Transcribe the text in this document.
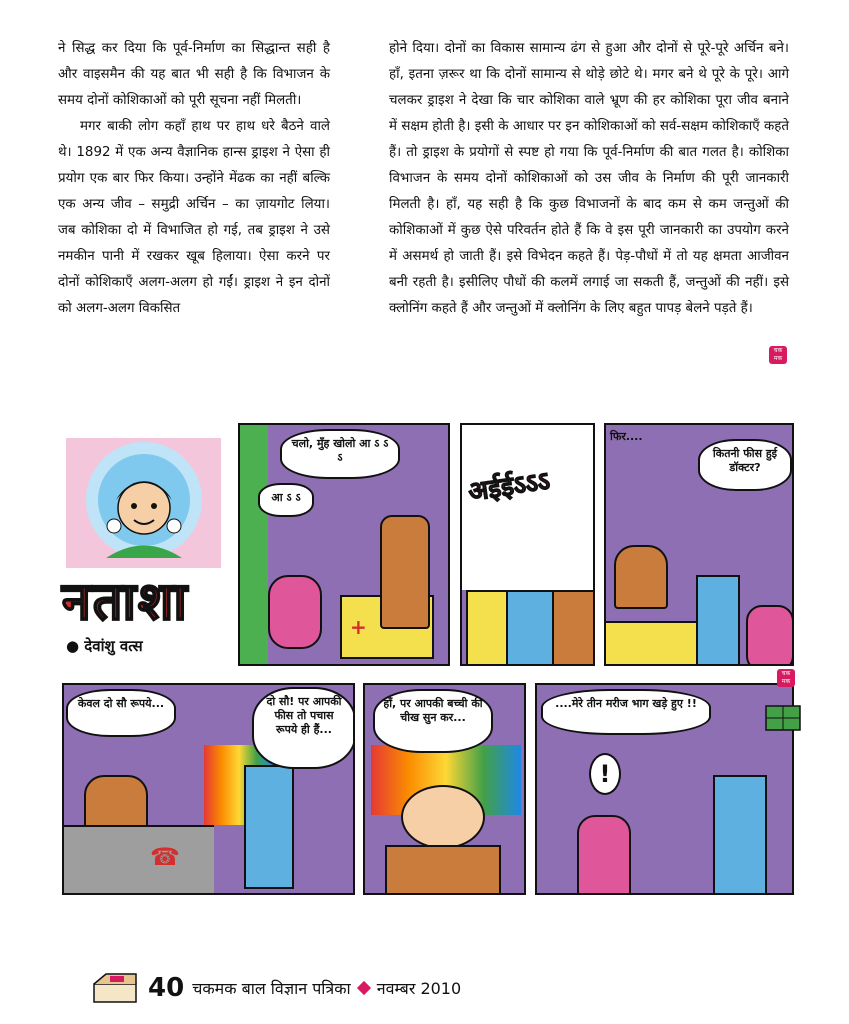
ने सिद्ध कर दिया कि पूर्व-निर्माण का सिद्धान्त सही है और वाइसमैन की यह बात भी सही है कि विभाजन के समय दोनों कोशिकाओं को पूरी सूचना नहीं मिलती।

मगर बाकी लोग कहाँ हाथ पर हाथ धरे बैठने वाले थे। 1892 में एक अन्य वैज्ञानिक हान्स ड्राइश ने ऐसा ही प्रयोग एक बार फिर किया। उन्होंने मेंढक का नहीं बल्कि एक अन्य जीव – समुद्री अर्चिन – का ज़ायगोट लिया। जब कोशिका दो में विभाजित हो गई, तब ड्राइश ने उसे नमकीन पानी में रखकर खूब हिलाया। ऐसा करने पर दोनों कोशिकाएँ अलग-अलग हो गईं। ड्राइश ने इन दोनों को अलग-अलग विकसित

होने दिया। दोनों का विकास सामान्य ढंग से हुआ और दोनों से पूरे-पूरे अर्चिन बने। हाँ, इतना ज़रूर था कि दोनों सामान्य से थोड़े छोटे थे। मगर बने थे पूरे के पूरे। आगे चलकर ड्राइश ने देखा कि चार कोशिका वाले भ्रूण की हर कोशिका पूरा जीव बनाने में सक्षम होती है। इसी के आधार पर इन कोशिकाओं को सर्व-सक्षम कोशिकाएँ कहते हैं। तो ड्राइश के प्रयोगों से स्पष्ट हो गया कि पूर्व-निर्माण की बात गलत है। कोशिका विभाजन के समय दोनों कोशिकाओं को उस जीव के निर्माण की पूरी जानकारी मिलती है। हाँ, यह सही है कि कुछ विभाजनों के बाद कम से कम जन्तुओं की कोशिकाओं में कुछ ऐसे परिवर्तन होते हैं कि वे इस पूरी जानकारी का उपयोग करने में असमर्थ हो जाती हैं। इसे विभेदन कहते हैं। पेड़-पौधों में तो यह क्षमता आजीवन बनी रहती है। इसीलिए पौधों की कलमें लगाई जा सकती हैं, जन्तुओं की नहीं। इसे क्लोनिंग कहते हैं और जन्तुओं में क्लोनिंग के लिए बहुत पापड़ बेलने पड़ते हैं।

चक मक
नताशा
● देवांशु वत्स
+
चलो, मुँह खोलो आ ऽ ऽ ऽ
आ ऽ ऽ	अईईऽऽऽ
फिर....
कितनी फीस हुई डॉक्टर?
☎
केवल दो सौ रूपये...	दो सौ! पर आपकी फीस तो पचास रूपये ही हैं...
हाँ, पर आपकी बच्ची की चीख सुन कर...
!
....मेरे तीन मरीज भाग खड़े हुए !!
चक मक
40 चकमक बाल विज्ञान पत्रिका नवम्बर 2010
